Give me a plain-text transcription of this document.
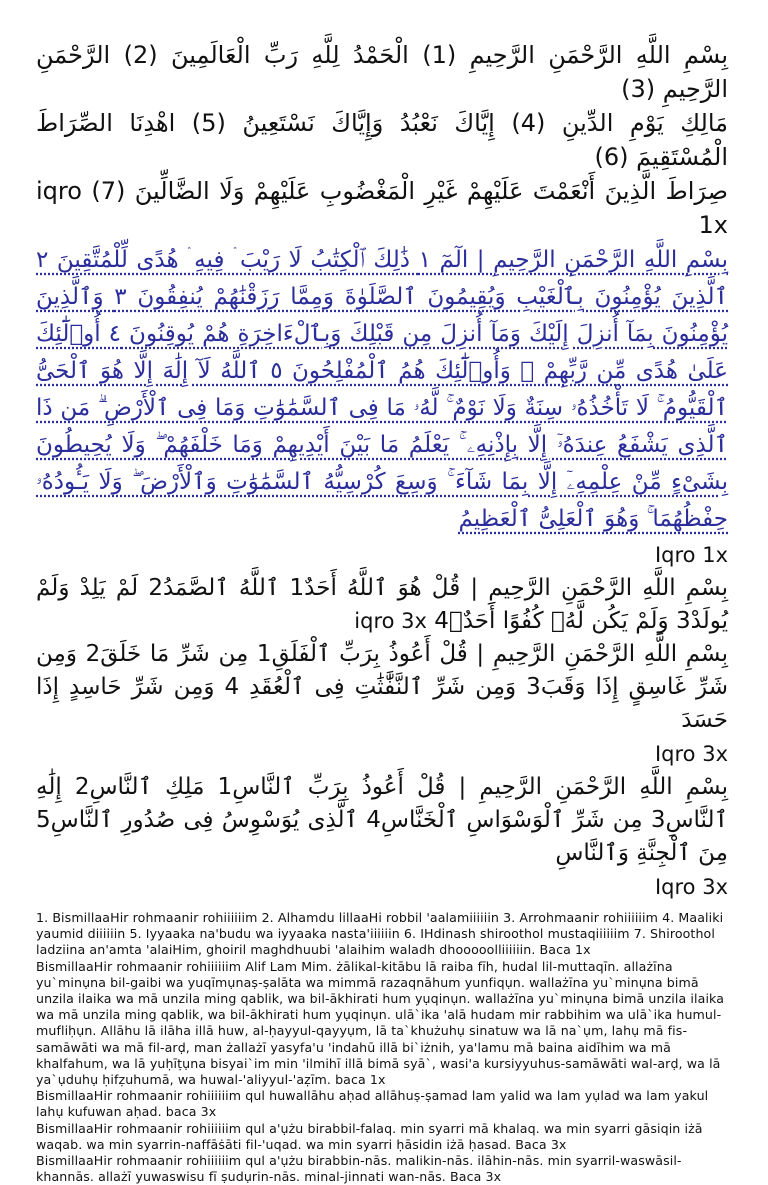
بِسْمِ اللَّهِ الرَّحْمَنِ الرَّحِيمِ (1) الْحَمْدُ لِلَّهِ رَبِّ الْعَالَمِينَ (2) الرَّحْمَنِ الرَّحِيمِ (3)
مَالِكِ يَوْمِ الدِّينِ (4) إِيَّاكَ نَعْبُدُ وَإِيَّاكَ نَسْتَعِينُ (5) اهْدِنَا الصِّرَاطَ الْمُسْتَقِيمَ (6)
صِرَاطَ الَّذِينَ أَنْعَمْتَ عَلَيْهِمْ غَيْرِ الْمَغْضُوبِ عَلَيْهِمْ وَلَا الضَّالِّينَ (7) iqro 1x
بِسْمِ اللَّهِ الرَّحْمَنِ الرَّحِيمِ | الٓمٓ ١ ذَٰلِكَ ٱلْكِتَٰبُ لَا رَيْبَ ۛ فِيهِ ۛ هُدًى لِّلْمُتَّقِينَ ٢ ٱلَّذِينَ يُؤْمِنُونَ بِٱلْغَيْبِ وَيُقِيمُونَ ٱلصَّلَوٰةَ وَمِمَّا رَزَقْنَٰهُمْ يُنفِقُونَ ٣ وَٱلَّذِينَ يُؤْمِنُونَ بِمَآ أُنزِلَ إِلَيْكَ وَمَآ أُنزِلَ مِن قَبْلِكَ وَبِٱلْءَاخِرَةِ هُمْ يُوقِنُونَ ٤ أُو۟لَٰٓئِكَ عَلَىٰ هُدًى مِّن رَّبِّهِمْ ۖ وَأُو۟لَٰٓئِكَ هُمُ ٱلْمُفْلِحُونَ ٥ ٱللَّهُ لَآ إِلَٰهَ إِلَّا هُوَ ٱلْحَىُّ ٱلْقَيُّومُ ۚ لَا تَأْخُذُهُۥ سِنَةٌ وَلَا نَوْمٌ ۚ لَّهُۥ مَا فِى ٱلسَّمَٰوَٰتِ وَمَا فِى ٱلْأَرْضِ ۗ مَن ذَا ٱلَّذِى يَشْفَعُ عِندَهُۥٓ إِلَّا بِإِذْنِهِۦ ۚ يَعْلَمُ مَا بَيْنَ أَيْدِيهِمْ وَمَا خَلْفَهُمْ ۖ وَلَا يُحِيطُونَ بِشَىْءٍ مِّنْ عِلْمِهِۦٓ إِلَّا بِمَا شَآءَ ۚ وَسِعَ كُرْسِيُّهُ ٱلسَّمَٰوَٰتِ وَٱلْأَرْضَ ۖ وَلَا يَـُٔودُهُۥ حِفْظُهُمَا ۚ وَهُوَ ٱلْعَلِىُّ ٱلْعَظِيمُ
Iqro 1x
بِسْمِ اللَّهِ الرَّحْمَنِ الرَّحِيمِ | قُلْ هُوَ ٱللَّهُ أَحَدٌ1 ٱللَّهُ ٱلصَّمَدُ2 لَمْ يَلِدْ وَلَمْ يُولَدْ3 وَلَمْ يَكُن لَّهُۥ كُفُوًا أَحَدٌۢ4 iqro 3x
بِسْمِ اللَّهِ الرَّحْمَنِ الرَّحِيمِ | قُلْ أَعُوذُ بِرَبِّ ٱلْفَلَقِ1 مِن شَرِّ مَا خَلَقَ2 وَمِن شَرِّ غَاسِقٍ إِذَا وَقَبَ3 وَمِن شَرِّ ٱلنَّفَّٰثَٰتِ فِى ٱلْعُقَدِ 4 وَمِن شَرِّ حَاسِدٍ إِذَا حَسَدَ
Iqro 3x
بِسْمِ اللَّهِ الرَّحْمَنِ الرَّحِيمِ | قُلْ أَعُوذُ بِرَبِّ ٱلنَّاسِ1 مَلِكِ ٱلنَّاسِ2 إِلَٰهِ ٱلنَّاسِ3 مِن شَرِّ ٱلْوَسْوَاسِ ٱلْخَنَّاسِ4 ٱلَّذِى يُوَسْوِسُ فِى صُدُورِ ٱلنَّاسِ5 مِنَ ٱلْجِنَّةِ وَٱلنَّاسِ
Iqro 3x

1. BismillaaHir rohmaanir rohiiiiiim 2. Alhamdu lillaaHi robbil 'aalamiiiiiin 3. Arrohmaanir rohiiiiiim 4. Maaliki yaumid diiiiiin 5. Iyyaaka na'budu wa iyyaaka nasta'iiiiiin 6. IHdinash shiroothol mustaqiiiiiim 7. Shiroothol ladziina an'amta 'alaiHim, ghoiril maghdhuubi 'alaihim waladh dhooooolliiiiiin. Baca 1x

BismillaaHir rohmaanir rohiiiiiim Alif Lam Mim. żālikal-kitābu lā raiba fīh, hudal lil-muttaqīn. allażīna yu`minụna bil-gaibi wa yuqīmụnaṣ-ṣalāta wa mimmā razaqnāhum yunfiqụn. wallażīna yu`minụna bimā unzila ilaika wa mā unzila ming qablik, wa bil-ākhirati hum yụqinụn. wallażīna yu`minụna bimā unzila ilaika wa mā unzila ming qablik, wa bil-ākhirati hum yụqinụn. ulā`ika 'alā hudam mir rabbihim wa ulā`ika humul-mufliḥụn. Allāhu lā ilāha illā huw, al-ḥayyul-qayyụm, lā ta`khużuhụ sinatuw wa lā na`ụm, lahụ mā fis-samāwāti wa mā fil-arḍ, man żallażī yasyfa'u 'indahū illā bi`iżnih, ya'lamu mā baina aidīhim wa mā khalfahum, wa lā yuḥīṭụna bisyai`im min 'ilmihī illā bimā syā`, wasi'a kursiyyuhus-samāwāti wal-arḍ, wa lā ya`ụduhụ ḥifẓuhumā, wa huwal-'aliyyul-'aẓīm. baca 1x

BismillaaHir rohmaanir rohiiiiiim qul huwallāhu aḥad allāhuṣ-ṣamad lam yalid wa lam yụlad wa lam yakul lahụ kufuwan aḥad. baca 3x

BismillaaHir rohmaanir rohiiiiiim qul a'ụżu birabbil-falaq. min syarri mā khalaq. wa min syarri gāsiqin iżā waqab. wa min syarrin-naffāṡāti fil-'uqad. wa min syarri ḥāsidin iżā ḥasad. Baca 3x

BismillaaHir rohmaanir rohiiiiiim qul a'ụżu birabbin-nās. malikin-nās. ilāhin-nās. min syarril-waswāsil-khannās. allażī yuwaswisu fī ṣudụrin-nās. minal-jinnati wan-nās. Baca 3x
